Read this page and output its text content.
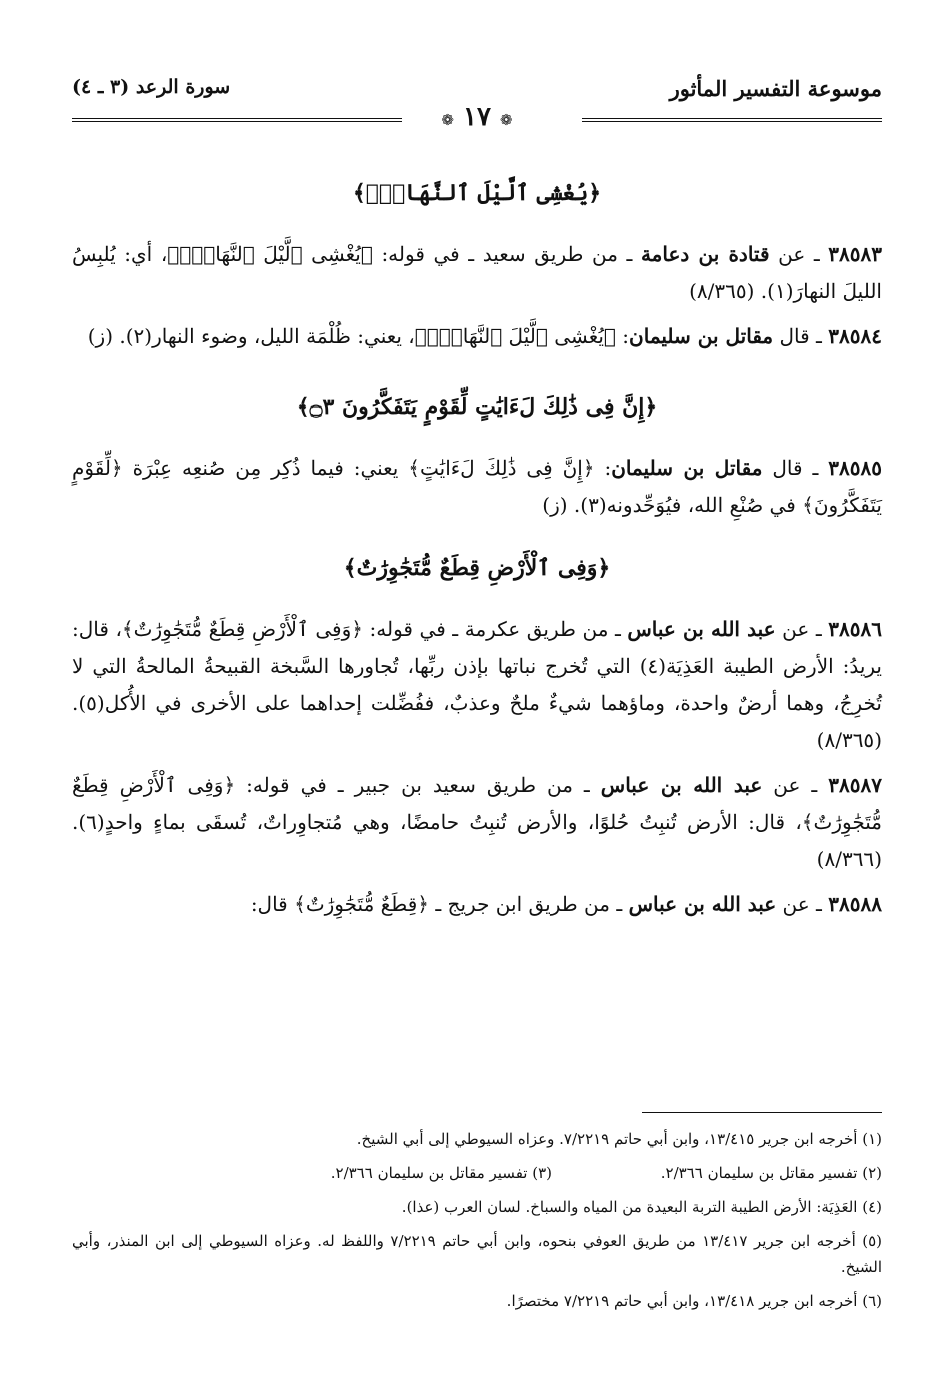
موسوعة التفسير المأثور
❁ ١٧ ❁
سورة الرعد (٣ ـ ٤)
﴿يُغْشِى ٱلَّيْلَ ٱلنَّهَارَۚ﴾

٣٨٥٨٣ ـ عن قتادة بن دعامة ـ من طريق سعيد ـ في قوله: ﴿يُغْشِى ٱلَّيْلَ ٱلنَّهَارَۚ﴾، أي: يُلبِسُ الليلَ النهارَ(١). (٨/٣٦٥)

٣٨٥٨٤ ـ قال مقاتل بن سليمان: ﴿يُغْشِى ٱلَّيْلَ ٱلنَّهَارَۚ﴾، يعني: ظُلْمَة الليل، وضوء النهار(٢). (ز)

﴿إِنَّ فِى ذَٰلِكَ لَءَايَٰتٍ لِّقَوْمٍ يَتَفَكَّرُونَ ۝٣﴾

٣٨٥٨٥ ـ قال مقاتل بن سليمان: ﴿إِنَّ فِى ذَٰلِكَ لَءَايَٰتٍ﴾ يعني: فيما ذُكِر مِن صُنعِه عِبْرَة ﴿لِّقَوْمٍ يَتَفَكَّرُونَ﴾ في صُنْعِ الله، فيُوَحِّدونه(٣). (ز)

﴿وَفِى ٱلْأَرْضِ قِطَعٌ مُّتَجَٰوِرَٰتٌ﴾

٣٨٥٨٦ ـ عن عبد الله بن عباس ـ من طريق عكرمة ـ في قوله: ﴿وَفِى ٱلْأَرْضِ قِطَعٌ مُّتَجَٰوِرَٰتٌ﴾، قال: يريدُ: الأرض الطيبة العَذِيَة(٤) التي تُخرج نباتها بإذن ربِّها، تُجاورها السَّبخة القبيحةُ المالحةُ التي لا تُخرِجُ، وهما أرضٌ واحدة، وماؤهما شيءٌ ملحٌ وعذبٌ، ففُضِّلت إحداهما على الأخرى في الأُكل(٥). (٨/٣٦٥)

٣٨٥٨٧ ـ عن عبد الله بن عباس ـ من طريق سعيد بن جبير ـ في قوله: ﴿وَفِى ٱلْأَرْضِ قِطَعٌ مُّتَجَٰوِرَٰتٌ﴾، قال: الأرض تُنبِتُ حُلوًا، والأرض تُنبِتُ حامضًا، وهي مُتجاوِراتٌ، تُسقَى بماءٍ واحدٍ(٦). (٨/٣٦٦)

٣٨٥٨٨ ـ عن عبد الله بن عباس ـ من طريق ابن جريج ـ ﴿قِطَعٌ مُّتَجَٰوِرَٰتٌ﴾ قال:

(١) أخرجه ابن جرير ١٣/٤١٥، وابن أبي حاتم ٧/٢٢١٩. وعزاه السيوطي إلى أبي الشيخ.

(٢) تفسير مقاتل بن سليمان ٢/٣٦٦.
(٣) تفسير مقاتل بن سليمان ٢/٣٦٦.

(٤) العَذِيَة: الأرض الطيبة التربة البعيدة من المياه والسباخ. لسان العرب (عذا).

(٥) أخرجه ابن جرير ١٣/٤١٧ من طريق العوفي بنحوه، وابن أبي حاتم ٧/٢٢١٩ واللفظ له. وعزاه السيوطي إلى ابن المنذر، وأبي الشيخ.

(٦) أخرجه ابن جرير ١٣/٤١٨، وابن أبي حاتم ٧/٢٢١٩ مختصرًا.
